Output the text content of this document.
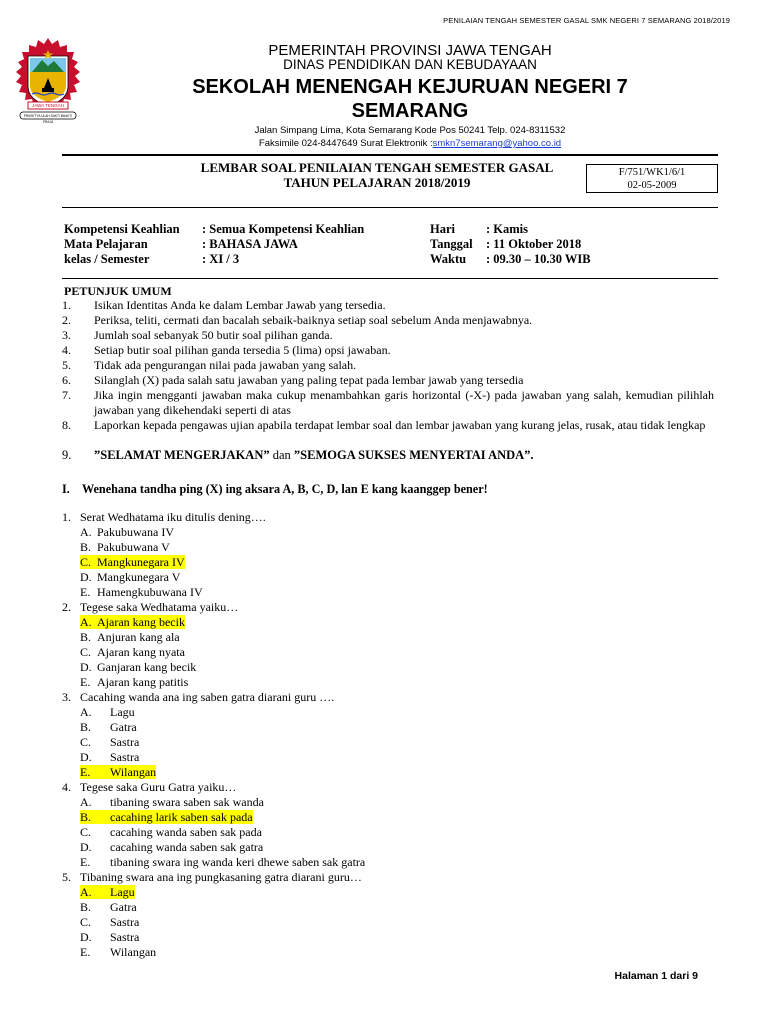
PENILAIAN TENGAH SEMESTER GASAL SMK NEGERI 7 SEMARANG 2018/2019
JAWA TENGAH
PRASETYA ULAH SAKTI BHAKTI PRAJA
PEMERINTAH PROVINSI JAWA TENGAH
DINAS PENDIDIKAN DAN KEBUDAYAAN
SEKOLAH MENENGAH KEJURUAN NEGERI 7
SEMARANG
Jalan Simpang Lima, Kota Semarang Kode Pos 50241 Telp. 024-8311532
Faksimile 024-8447649 Surat Elektronik :smkn7semarang@yahoo.co.id
LEMBAR SOAL PENILAIAN TENGAH SEMESTER GASAL
TAHUN PELAJARAN 2018/2019
F/751/WK1/6/1
02-05-2009
Kompetensi Keahlian : Semua Kompetensi Keahlian	Hari : Kamis
Mata Pelajaran	: BAHASA JAWA	Tanggal : 11 Oktober 2018
kelas / Semester	: XI / 3	Waktu : 09.30 – 10.30 WIB
PETUNJUK UMUM
1.	Isikan Identitas Anda ke dalam Lembar Jawab yang tersedia.
2.	Periksa, teliti, cermati dan bacalah sebaik-baiknya setiap soal sebelum Anda menjawabnya.
3.	Jumlah soal sebanyak 50 butir soal pilihan ganda.
4.	Setiap butir soal pilihan ganda tersedia 5 (lima) opsi jawaban.
5.	Tidak ada pengurangan nilai pada jawaban yang salah.
6.	Silanglah (X) pada salah satu jawaban yang paling tepat pada lembar jawab yang tersedia
7.	Jika ingin mengganti jawaban maka cukup menambahkan garis horizontal (-X-) pada jawaban yang salah, kemudian pilihlah jawaban yang dikehendaki seperti di atas
8.	Laporkan kepada pengawas ujian apabila terdapat lembar soal dan lembar jawaban yang kurang jelas, rusak, atau tidak lengkap
9.	”SELAMAT MENGERJAKAN” dan ”SEMOGA SUKSES MENYERTAI ANDA”.
I. Wenehana tandha ping (X) ing aksara A, B, C, D, lan E kang kaanggep bener!
1. Serat Wedhatama iku ditulis dening….
A. Pakubuwana IV
B. Pakubuwana V
C. Mangkunegara IV
D. Mangkunegara V
E. Hamengkubuwana IV
2. Tegese saka Wedhatama yaiku…
A. Ajaran kang becik
B. Anjuran kang ala
C. Ajaran kang nyata
D. Ganjaran kang becik
E. Ajaran kang patitis
3. Cacahing wanda ana ing saben gatra diarani guru ….
A. Lagu
B. Gatra
C. Sastra
D. Sastra
E. Wilangan
4. Tegese saka Guru Gatra yaiku…
A. tibaning swara saben sak wanda
B. cacahing larik saben sak pada
C. cacahing wanda saben sak pada
D. cacahing wanda saben sak gatra
E. tibaning swara ing wanda keri dhewe saben sak gatra
5. Tibaning swara ana ing pungkasaning gatra diarani guru…
A. Lagu
B. Gatra
C. Sastra
D. Sastra
E. Wilangan
Halaman 1 dari 9
